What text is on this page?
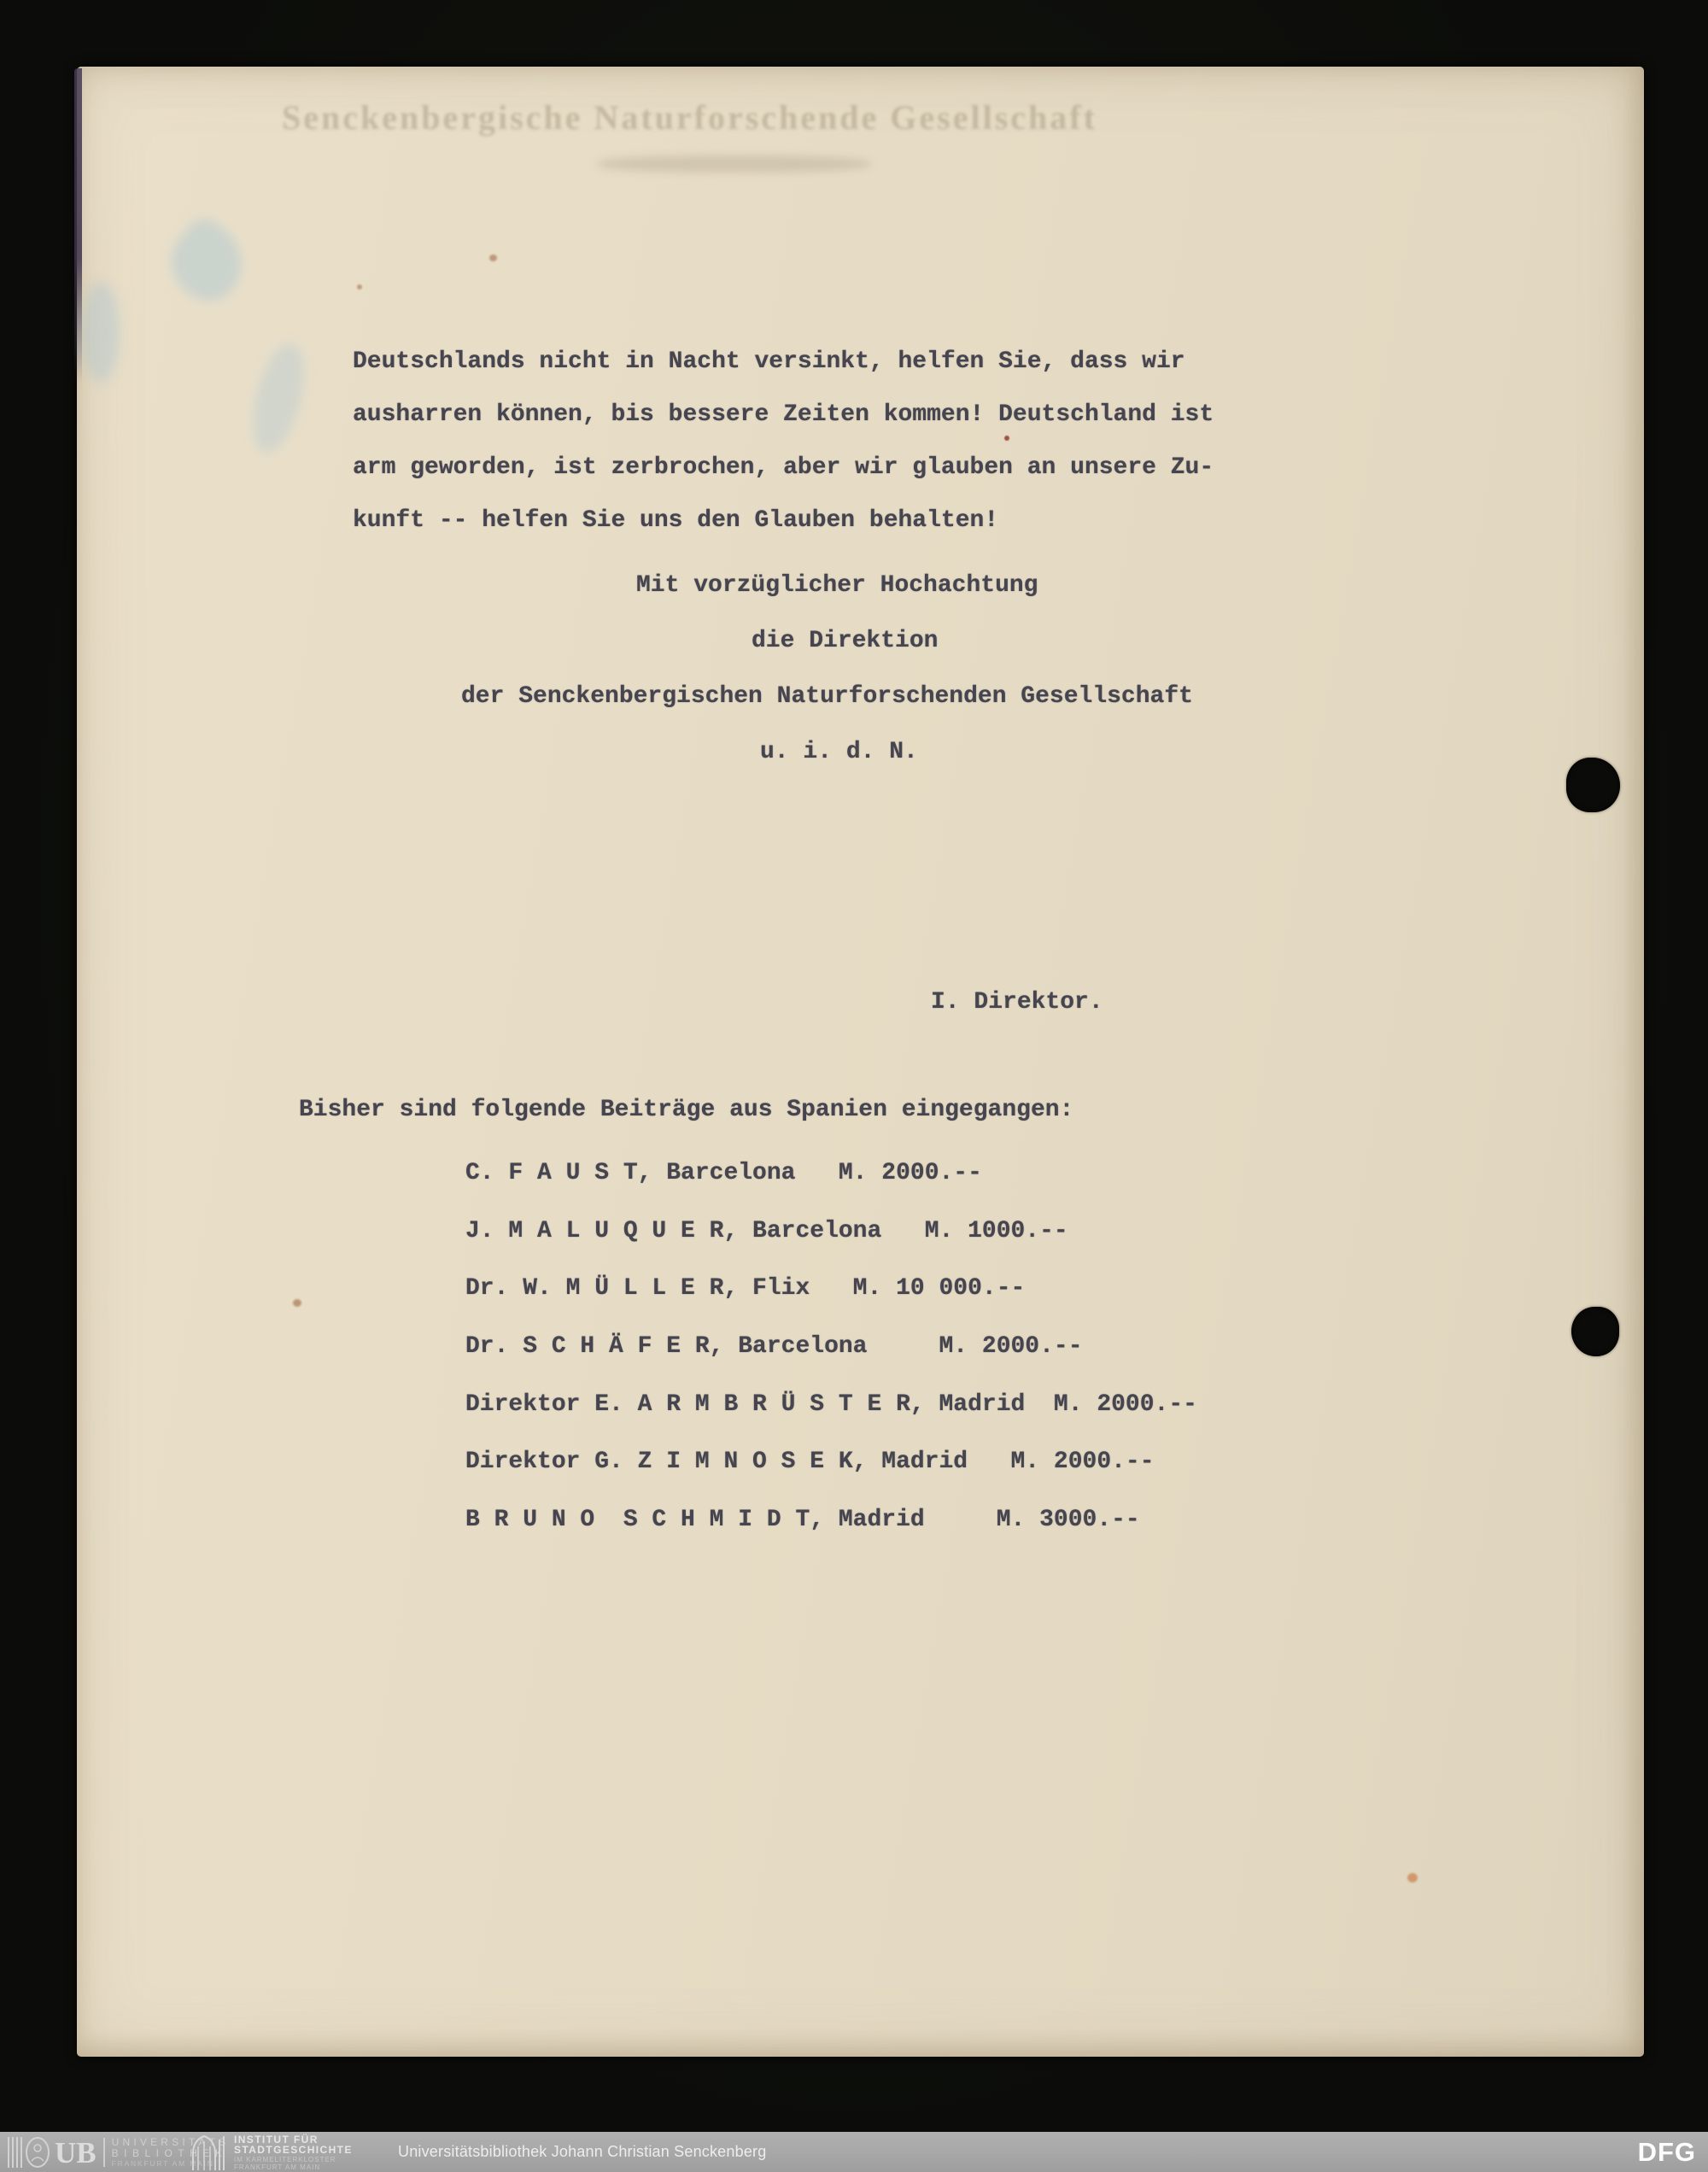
Senckenbergische Naturforschende Gesellschaft
Deutschlands nicht in Nacht versinkt, helfen Sie, dass wir
ausharren können, bis bessere Zeiten kommen! Deutschland ist
arm geworden, ist zerbrochen, aber wir glauben an unsere Zu-
kunft -- helfen Sie uns den Glauben behalten!
Mit vorzüglicher Hochachtung
die Direktion
der Senckenbergischen Naturforschenden Gesellschaft
u. i. d. N.
I. Direktor.
Bisher sind folgende Beiträge aus Spanien eingegangen:
C. F A U S T, Barcelona   M. 2000.--
J. M A L U Q U E R, Barcelona   M. 1000.--
Dr. W. M Ü L L E R, Flix   M. 10 000.--
Dr. S C H Ä F E R, Barcelona     M. 2000.--
Direktor E. A R M B R Ü S T E R, Madrid  M. 2000.--
Direktor G. Z I M N O S E K, Madrid   M. 2000.--
B R U N O  S C H M I D T, Madrid     M. 3000.--
UB UNIVERSITÄTS
BIBLIOTHEK
FRANKFURT AM MAIN
INSTITUT FÜR
STADTGESCHICHTE
IM KARMELITERKLOSTER
FRANKFURT AM MAIN
Universitätsbibliothek Johann Christian Senckenberg	DFG
